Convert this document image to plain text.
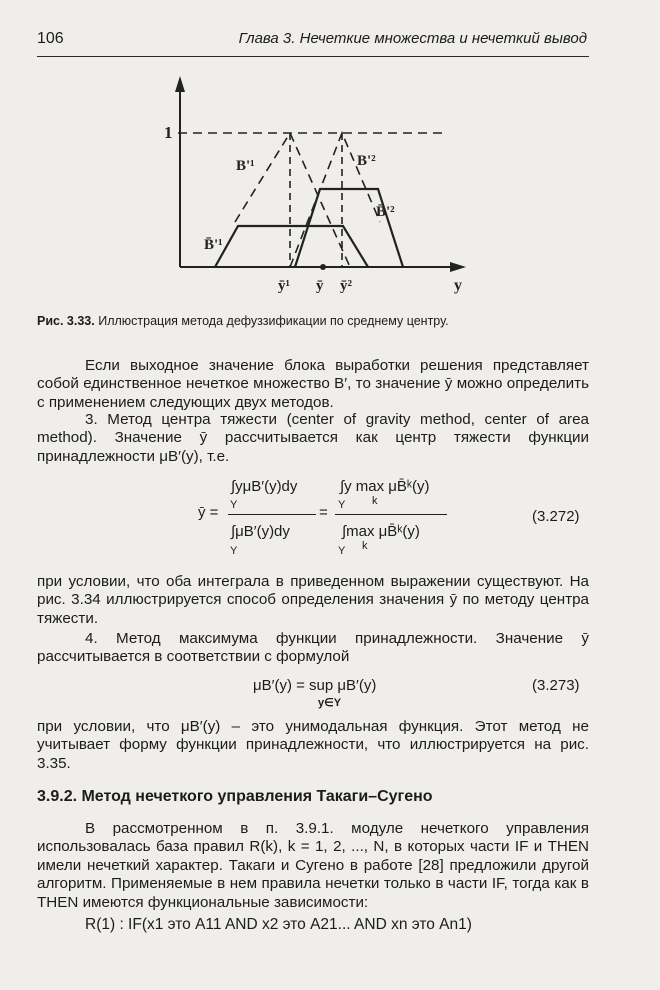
106	Глава 3. Нечеткие множества и нечеткий вывод
1
B'¹	B'²
B̄'²
B̄'¹
ȳ¹ ȳ ȳ²	y
Рис. 3.33. Иллюстрация метода дефуззификации по среднему центру.
Если выходное значение блока выработки решения представляет собой единственное нечеткое множество B′, то значение ȳ можно определить с применением следующих двух методов.
3. Метод центра тяжести (center of gravity method, center of area method). Значение ȳ рассчитывается как центр тяжести функции принадлежности μB′(y), т.е.
ȳ =
∫yμB′(y)dy
Y
∫μB′(y)dy
Y
=
∫y max μB̄ᵏ(y)
Y k
∫max μB̄ᵏ(y)
Y k
(3.272)
при условии, что оба интеграла в приведенном выражении существуют. На рис. 3.34 иллюстрируется способ определения значения ȳ по методу центра тяжести.
4. Метод максимума функции принадлежности. Значение ȳ рассчитывается в соответствии с формулой
μB′(y) = sup μB′(y)
y∈Y
(3.273)
при условии, что μB′(y) – это унимодальная функция. Этот метод не учитывает форму функции принадлежности, что иллюстрируется на рис. 3.35.
3.9.2. Метод нечеткого управления Такаги–Сугено
В рассмотренном в п. 3.9.1. модуле нечеткого управления использовалась база правил R(k), k = 1, 2, ..., N, в которых части IF и THEN имели нечеткий характер. Такаги и Сугено в работе [28] предложили другой алгоритм. Применяемые в нем правила нечетки только в части IF, тогда как в THEN имеются функциональные зависимости:
R(1) : IF(x1 это A11 AND x2 это A21... AND xn это An1)
